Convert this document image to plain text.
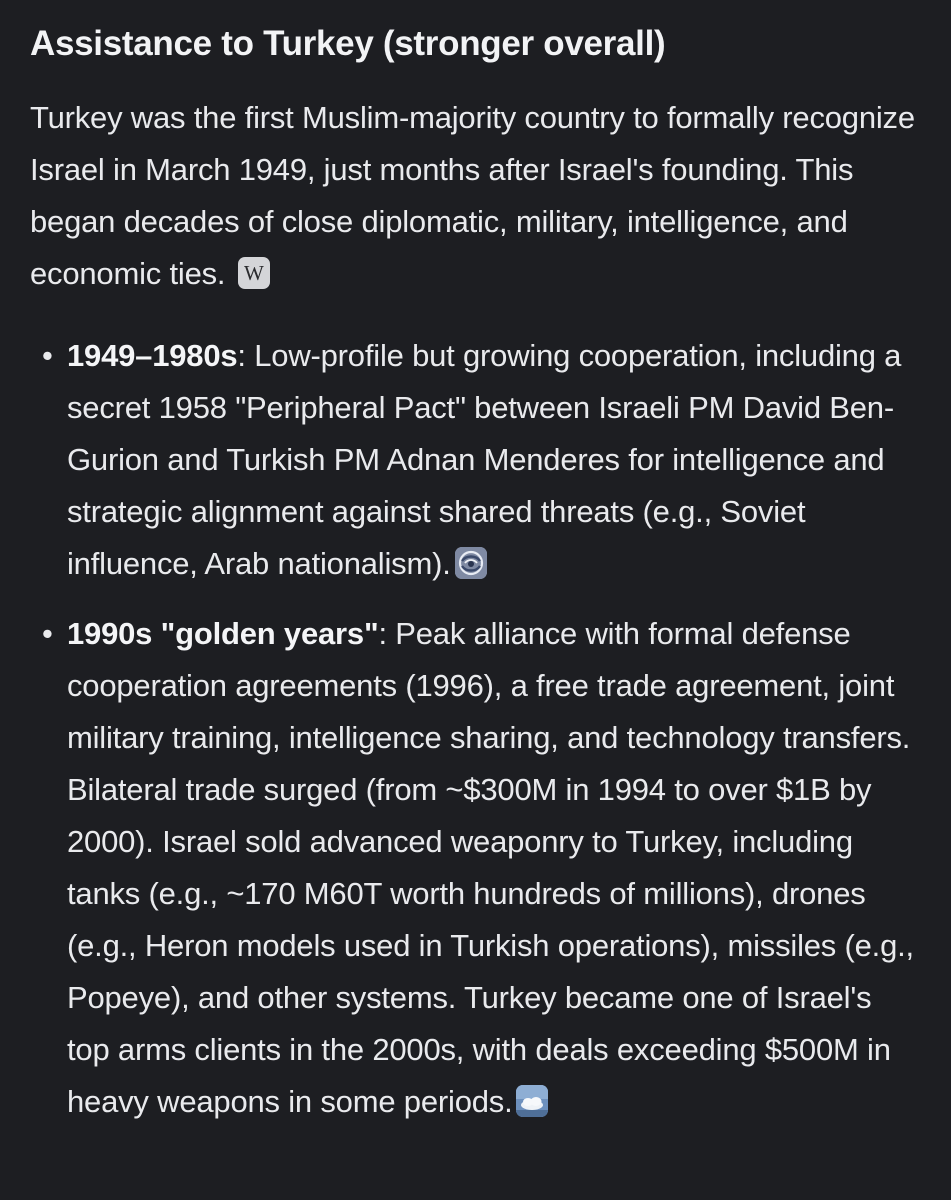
Assistance to Turkey (stronger overall)

Turkey was the first Muslim-majority country to formally recognize Israel in March 1949, just months after Israel's founding. This began decades of close diplomatic, military, intelligence, and economic ties. W

• 1949–1980s: Low-profile but growing cooperation, including a secret 1958 "Peripheral Pact" between Israeli PM David Ben-Gurion and Turkish PM Adnan Menderes for intelligence and strategic alignment against shared threats (e.g., Soviet influence, Arab nationalism).
• 1990s "golden years": Peak alliance with formal defense cooperation agreements (1996), a free trade agreement, joint military training, intelligence sharing, and technology transfers. Bilateral trade surged (from ~$300M in 1994 to over $1B by 2000). Israel sold advanced weaponry to Turkey, including tanks (e.g., ~170 M60T worth hundreds of millions), drones (e.g., Heron models used in Turkish operations), missiles (e.g., Popeye), and other systems. Turkey became one of Israel's top arms clients in the 2000s, with deals exceeding $500M in heavy weapons in some periods.
